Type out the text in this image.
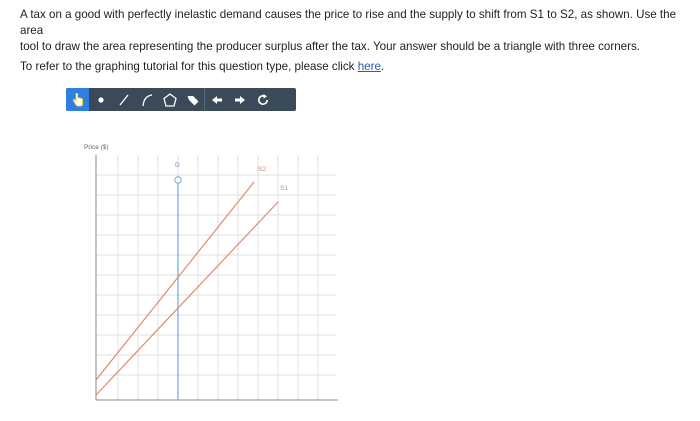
A tax on a good with perfectly inelastic demand causes the price to rise and the supply to shift from S1 to S2, as shown. Use the area
tool to draw the area representing the producer surplus after the tax. Your answer should be a triangle with three corners.
To refer to the graphing tutorial for this question type, please click here.
Price ($)
D
S2
S1
